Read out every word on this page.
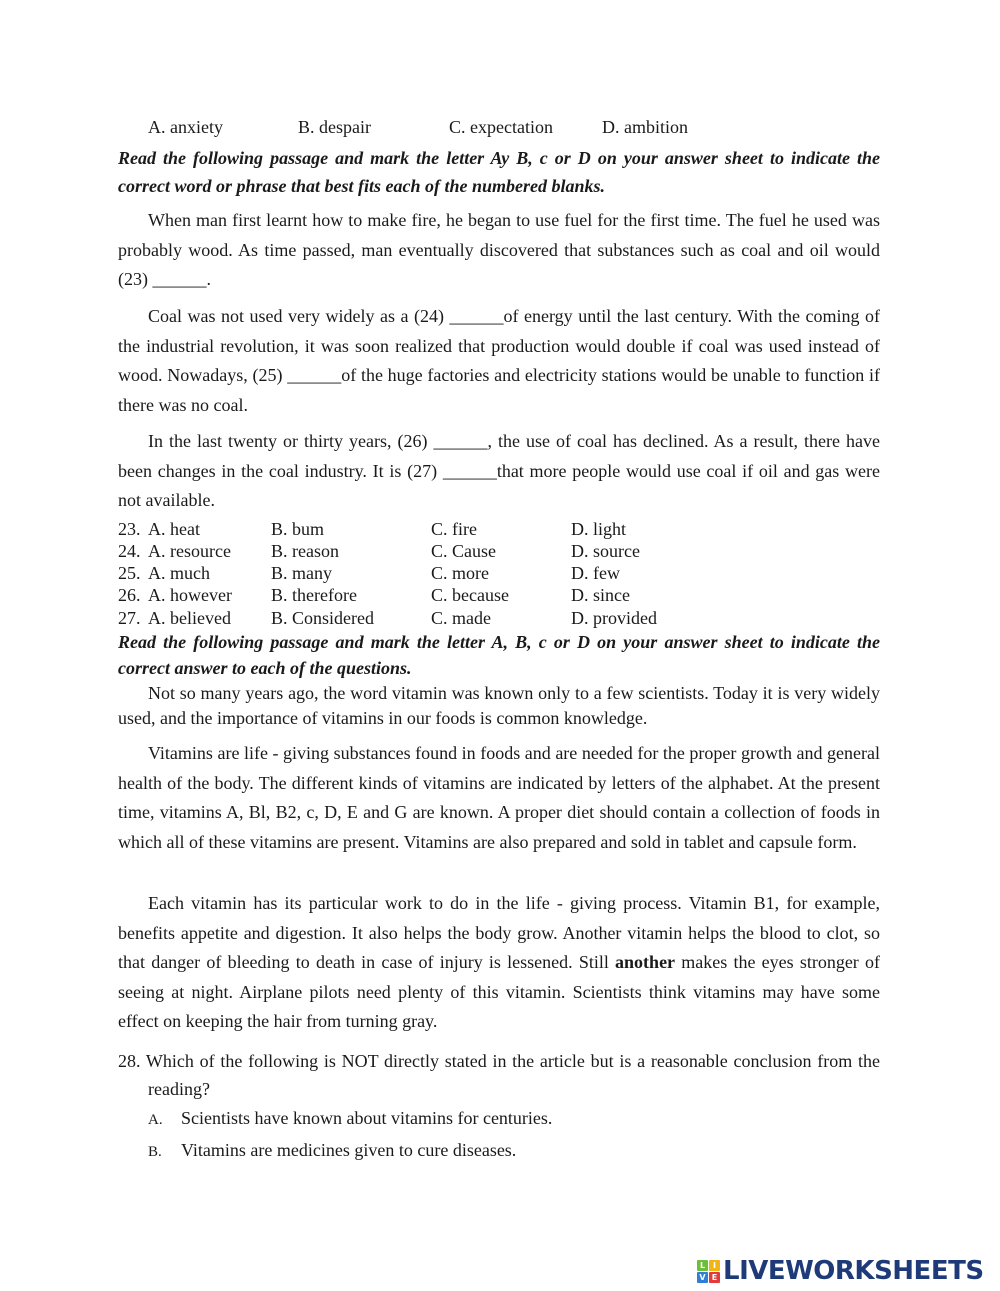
A. anxiety	B. despair	C. expectation	D. ambition
Read the following passage and mark the letter Ay B, c or D on your answer sheet to indicate the correct word or phrase that best fits each of the numbered blanks.
When man first learnt how to make fire, he began to use fuel for the first time. The fuel he used was probably wood. As time passed, man eventually discovered that substances such as coal and oil would (23) ______.
Coal was not used very widely as a (24) ______of energy until the last century. With the coming of the industrial revolution, it was soon realized that production would double if coal was used instead of wood. Nowadays, (25) ______of the huge factories and electricity stations would be unable to function if there was no coal.
In the last twenty or thirty years, (26) ______, the use of coal has declined. As a result, there have been changes in the coal industry. It is (27) ______that more people would use coal if oil and gas were not available.
23. A. heat	B. bum	C. fire	D. light
24. A. resource B. reason	C. Cause	D. source
25. A. much	B. many	C. more	D. few
26. A. however B. therefore	C. because	D. since
27. A. believed B. Considered	C. made	D. provided
Read the following passage and mark the letter A, B, c or D on your answer sheet to indicate the correct answer to each of the questions.
Not so many years ago, the word vitamin was known only to a few scientists. Today it is very widely used, and the importance of vitamins in our foods is common knowledge.
Vitamins are life - giving substances found in foods and are needed for the proper growth and general health of the body. The different kinds of vitamins are indicated by letters of the alphabet. At the present time, vitamins A, Bl, B2, c, D, E and G are known. A proper diet should contain a collection of foods in which all of these vitamins are present. Vitamins are also prepared and sold in tablet and capsule form.
Each vitamin has its particular work to do in the life - giving process. Vitamin B1, for example, benefits appetite and digestion. It also helps the body grow. Another vitamin helps the blood to clot, so that danger of bleeding to death in case of injury is lessened. Still another makes the eyes stronger of seeing at night. Airplane pilots need plenty of this vitamin. Scientists think vitamins may have some effect on keeping the hair from turning gray.
28. Which of the following is NOT directly stated in the article but is a reasonable conclusion from the reading?
A. Scientists have known about vitamins for centuries.
B. Vitamins are medicines given to cure diseases.
L I
V E LIVEWORKSHEETS
